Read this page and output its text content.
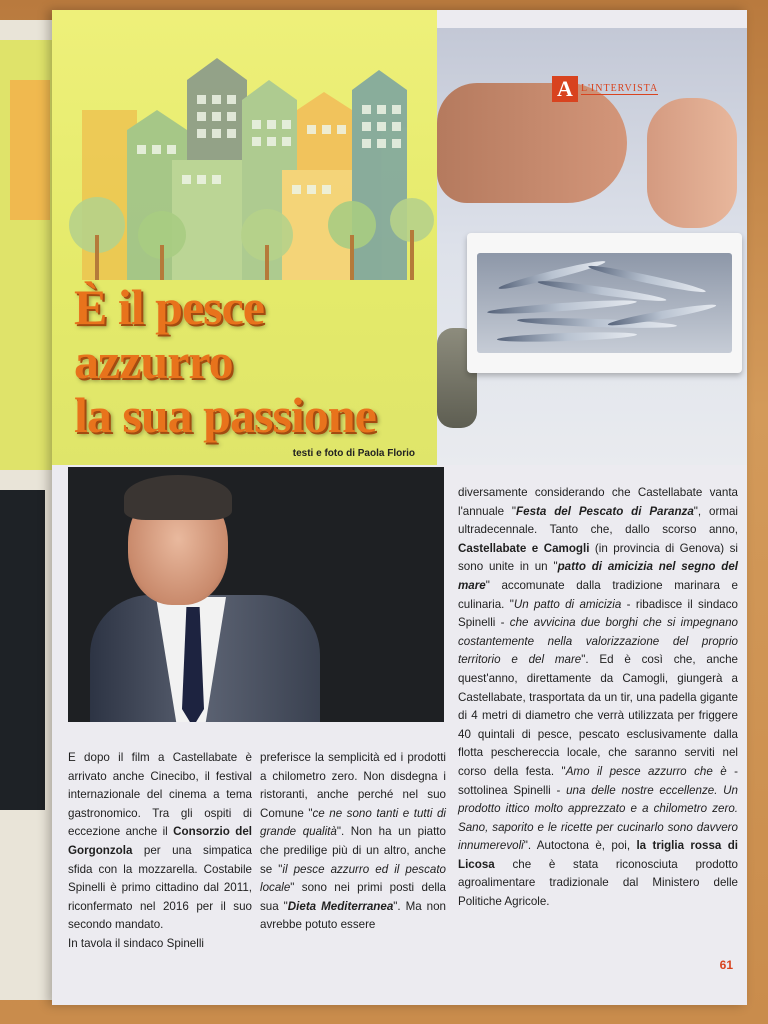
È il pesce
azzurro
la sua passione
testi e foto di Paola Florio
A L'INTERVISTA
E dopo il film a Castellabate è arrivato anche Cinecibo, il festival internazionale del cinema a tema gastronomico. Tra gli ospiti di eccezione anche il Consorzio del Gorgonzola per una simpatica sfida con la mozzarella. Costabile Spinelli è primo cittadino dal 2011, riconfermato nel 2016 per il suo secondo mandato.
In tavola il sindaco Spinelli
preferisce la semplicità ed i prodotti a chilometro zero. Non disdegna i ristoranti, anche perché nel suo Comune "ce ne sono tanti e tutti di grande qualità". Non ha un piatto che predilige più di un altro, anche se "il pesce azzurro ed il pescato locale" sono nei primi posti della sua "Dieta Mediterranea". Ma non avrebbe potuto essere
diversamente considerando che Castellabate vanta l'annuale "Festa del Pescato di Paranza", ormai ultradecennale. Tanto che, dallo scorso anno, Castellabate e Camogli (in provincia di Genova) si sono unite in un "patto di amicizia nel segno del mare" accomunate dalla tradizione marinara e culinaria. "Un patto di amicizia - ribadisce il sindaco Spinelli - che avvicina due borghi che si impegnano costantemente nella valorizzazione del proprio territorio e del mare". Ed è così che, anche quest'anno, direttamente da Camogli, giungerà a Castellabate, trasportata da un tir, una padella gigante di 4 metri di diametro che verrà utilizzata per friggere 40 quintali di pesce, pescato esclusivamente dalla flotta peschereccia locale, che saranno serviti nel corso della festa. "Amo il pesce azzurro che è - sottolinea Spinelli - una delle nostre eccellenze. Un prodotto ittico molto apprezzato e a chilometro zero. Sano, saporito e le ricette per cucinarlo sono davvero innumerevoli". Autoctona è, poi, la triglia rossa di Licosa che è stata riconosciuta prodotto agroalimentare tradizionale dal Ministero delle Politiche Agricole.
61
